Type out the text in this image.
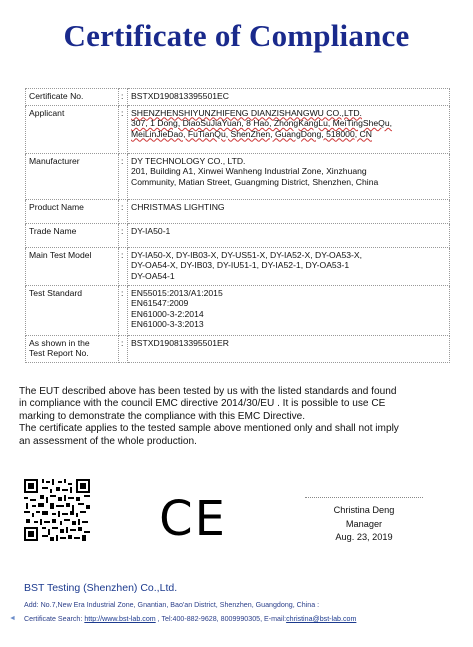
Certificate of Compliance
Certificate No.	:	BSTXD190813395501EC

Applicant	:	SHENZHENSHIYUNZHIFENG DIANZISHANGWU CO.,LTD.
307, 1 Dong, DiaoSuJiaYuan, 8 Hao, ZhongKangLu, MeiTingSheQu,
MeiLinJieDao, FuTianQu, ShenZhen, GuangDong, 518000, CN

Manufacturer	:	DY TECHNOLOGY CO., LTD.
201, Building A1, Xinwei Wanheng Industrial Zone, Xinzhuang
Community, Matian Street, Guangming District, Shenzhen, China

Product Name	:	CHRISTMAS LIGHTING

Trade Name	:	DY-IA50-1

Main Test Model	:	DY-IA50-X, DY-IB03-X, DY-US51-X, DY-IA52-X, DY-OA53-X,
DY-OA54-X, DY-IB03, DY-IU51-1, DY-IA52-1, DY-OA53-1
DY-OA54-1

Test Standard	:	EN55015:2013/A1:2015
EN61547:2009
EN61000-3-2:2014
EN61000-3-3:2013

As shown in the
Test Report No.	:	BSTXD190813395501ER
The EUT described above has been tested by us with the listed standards and found
in compliance with the council EMC directive 2014/30/EU . It is possible to use CE
marking to demonstrate the compliance with this EMC Directive.
The certificate applies to the tested sample above mentioned only and shall not imply
an assessment of the whole production.
CE	Christina Deng
Manager
Aug. 23, 2019
BST Testing (Shenzhen) Co.,Ltd.
Add: No.7,New Era Industrial Zone, Gnantian, Bao'an District, Shenzhen, Guangdong, China :
◄ Certificate Search: http://www.bst-lab.com , Tel:400-882-9628, 8009990305, E-mail:christina@bst-lab.com
